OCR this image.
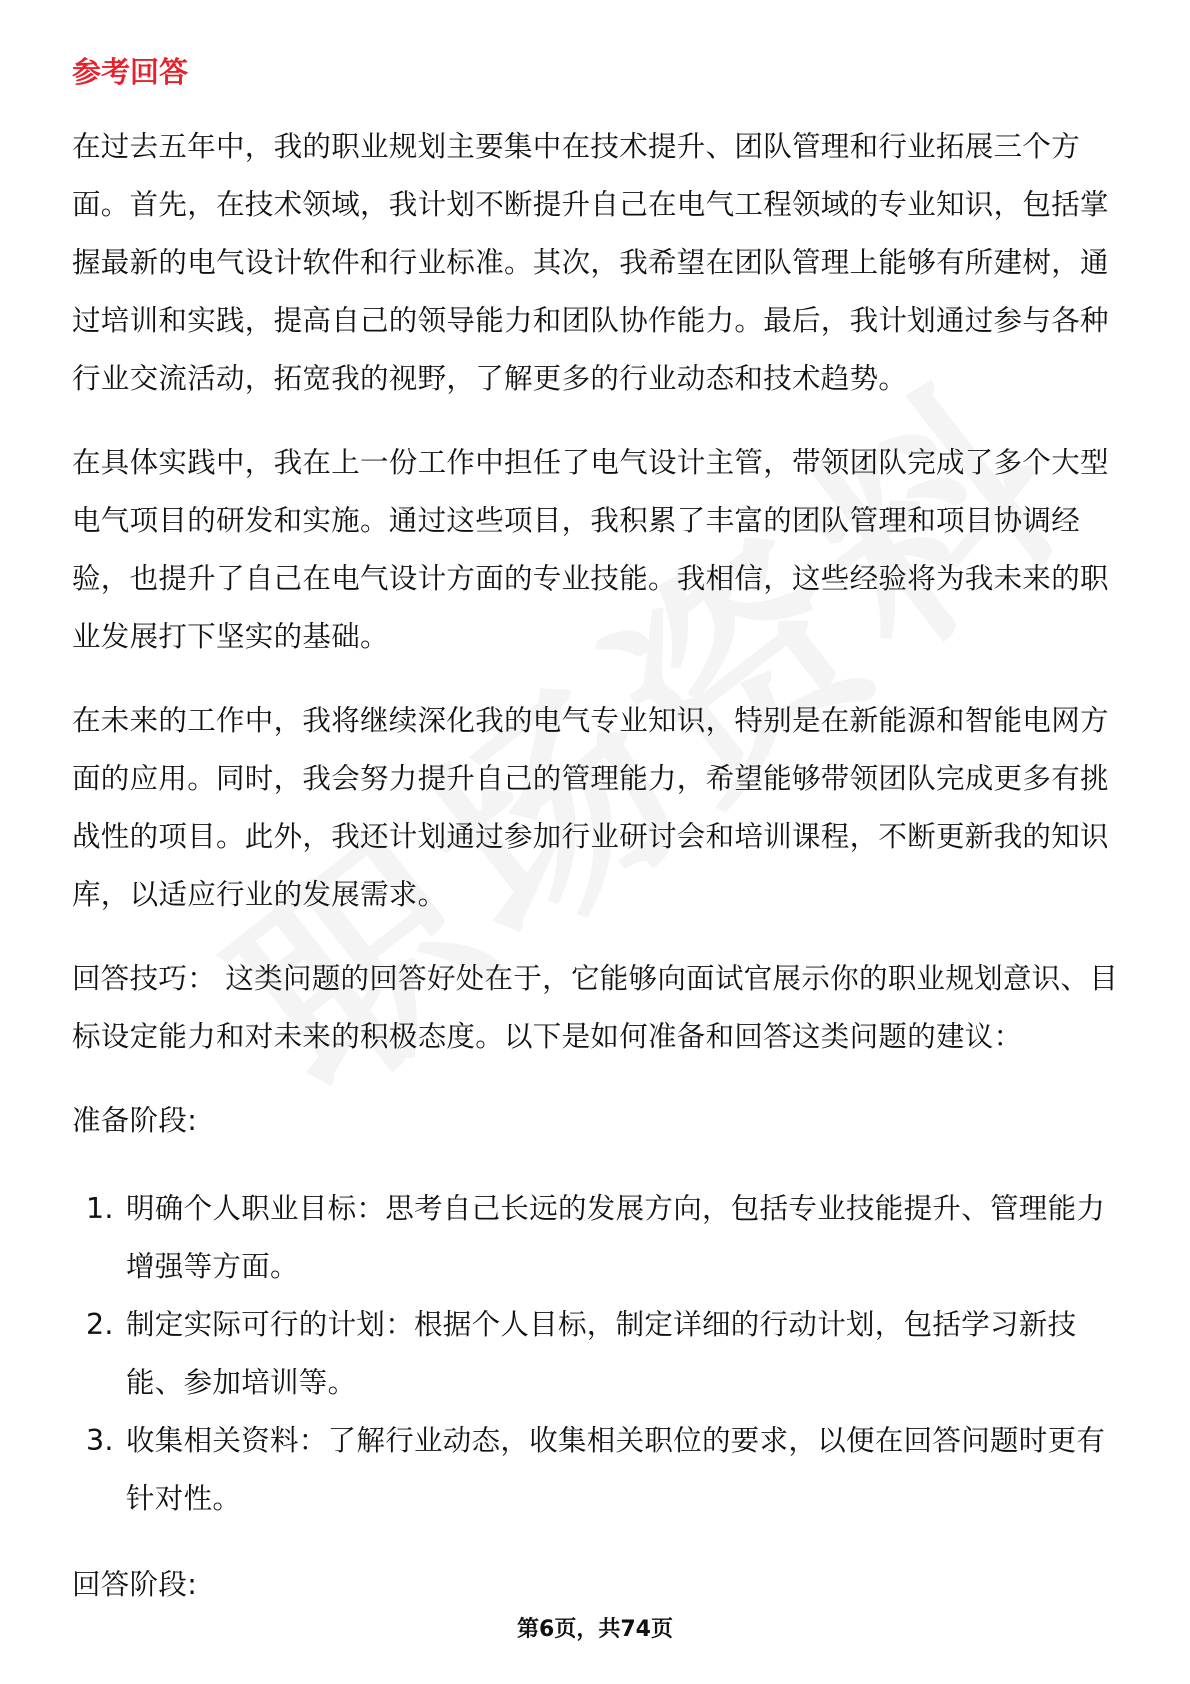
参考回答

在过去五年中，我的职业规划主要集中在技术提升、团队管理和行业拓展三个方面。首先，在技术领域，我计划不断提升自己在电气工程领域的专业知识，包括掌握最新的电气设计软件和行业标准。其次，我希望在团队管理上能够有所建树，通过培训和实践，提高自己的领导能力和团队协作能力。最后，我计划通过参与各种行业交流活动，拓宽我的视野，了解更多的行业动态和技术趋势。

在具体实践中，我在上一份工作中担任了电气设计主管，带领团队完成了多个大型电气项目的研发和实施。通过这些项目，我积累了丰富的团队管理和项目协调经验，也提升了自己在电气设计方面的专业技能。我相信，这些经验将为我未来的职业发展打下坚实的基础。

在未来的工作中，我将继续深化我的电气专业知识，特别是在新能源和智能电网方面的应用。同时，我会努力提升自己的管理能力，希望能够带领团队完成更多有挑战性的项目。此外，我还计划通过参加行业研讨会和培训课程，不断更新我的知识库，以适应行业的发展需求。

回答技巧： 这类问题的回答好处在于，它能够向面试官展示你的职业规划意识、目标设定能力和对未来的积极态度。以下是如何准备和回答这类问题的建议：

准备阶段:

1. 明确个人职业目标：思考自己长远的发展方向，包括专业技能提升、管理能力增强等方面。
2. 制定实际可行的计划：根据个人目标，制定详细的行动计划，包括学习新技能、参加培训等。
3. 收集相关资料：了解行业动态，收集相关职位的要求，以便在回答问题时更有针对性。

回答阶段:

第6页，共74页
